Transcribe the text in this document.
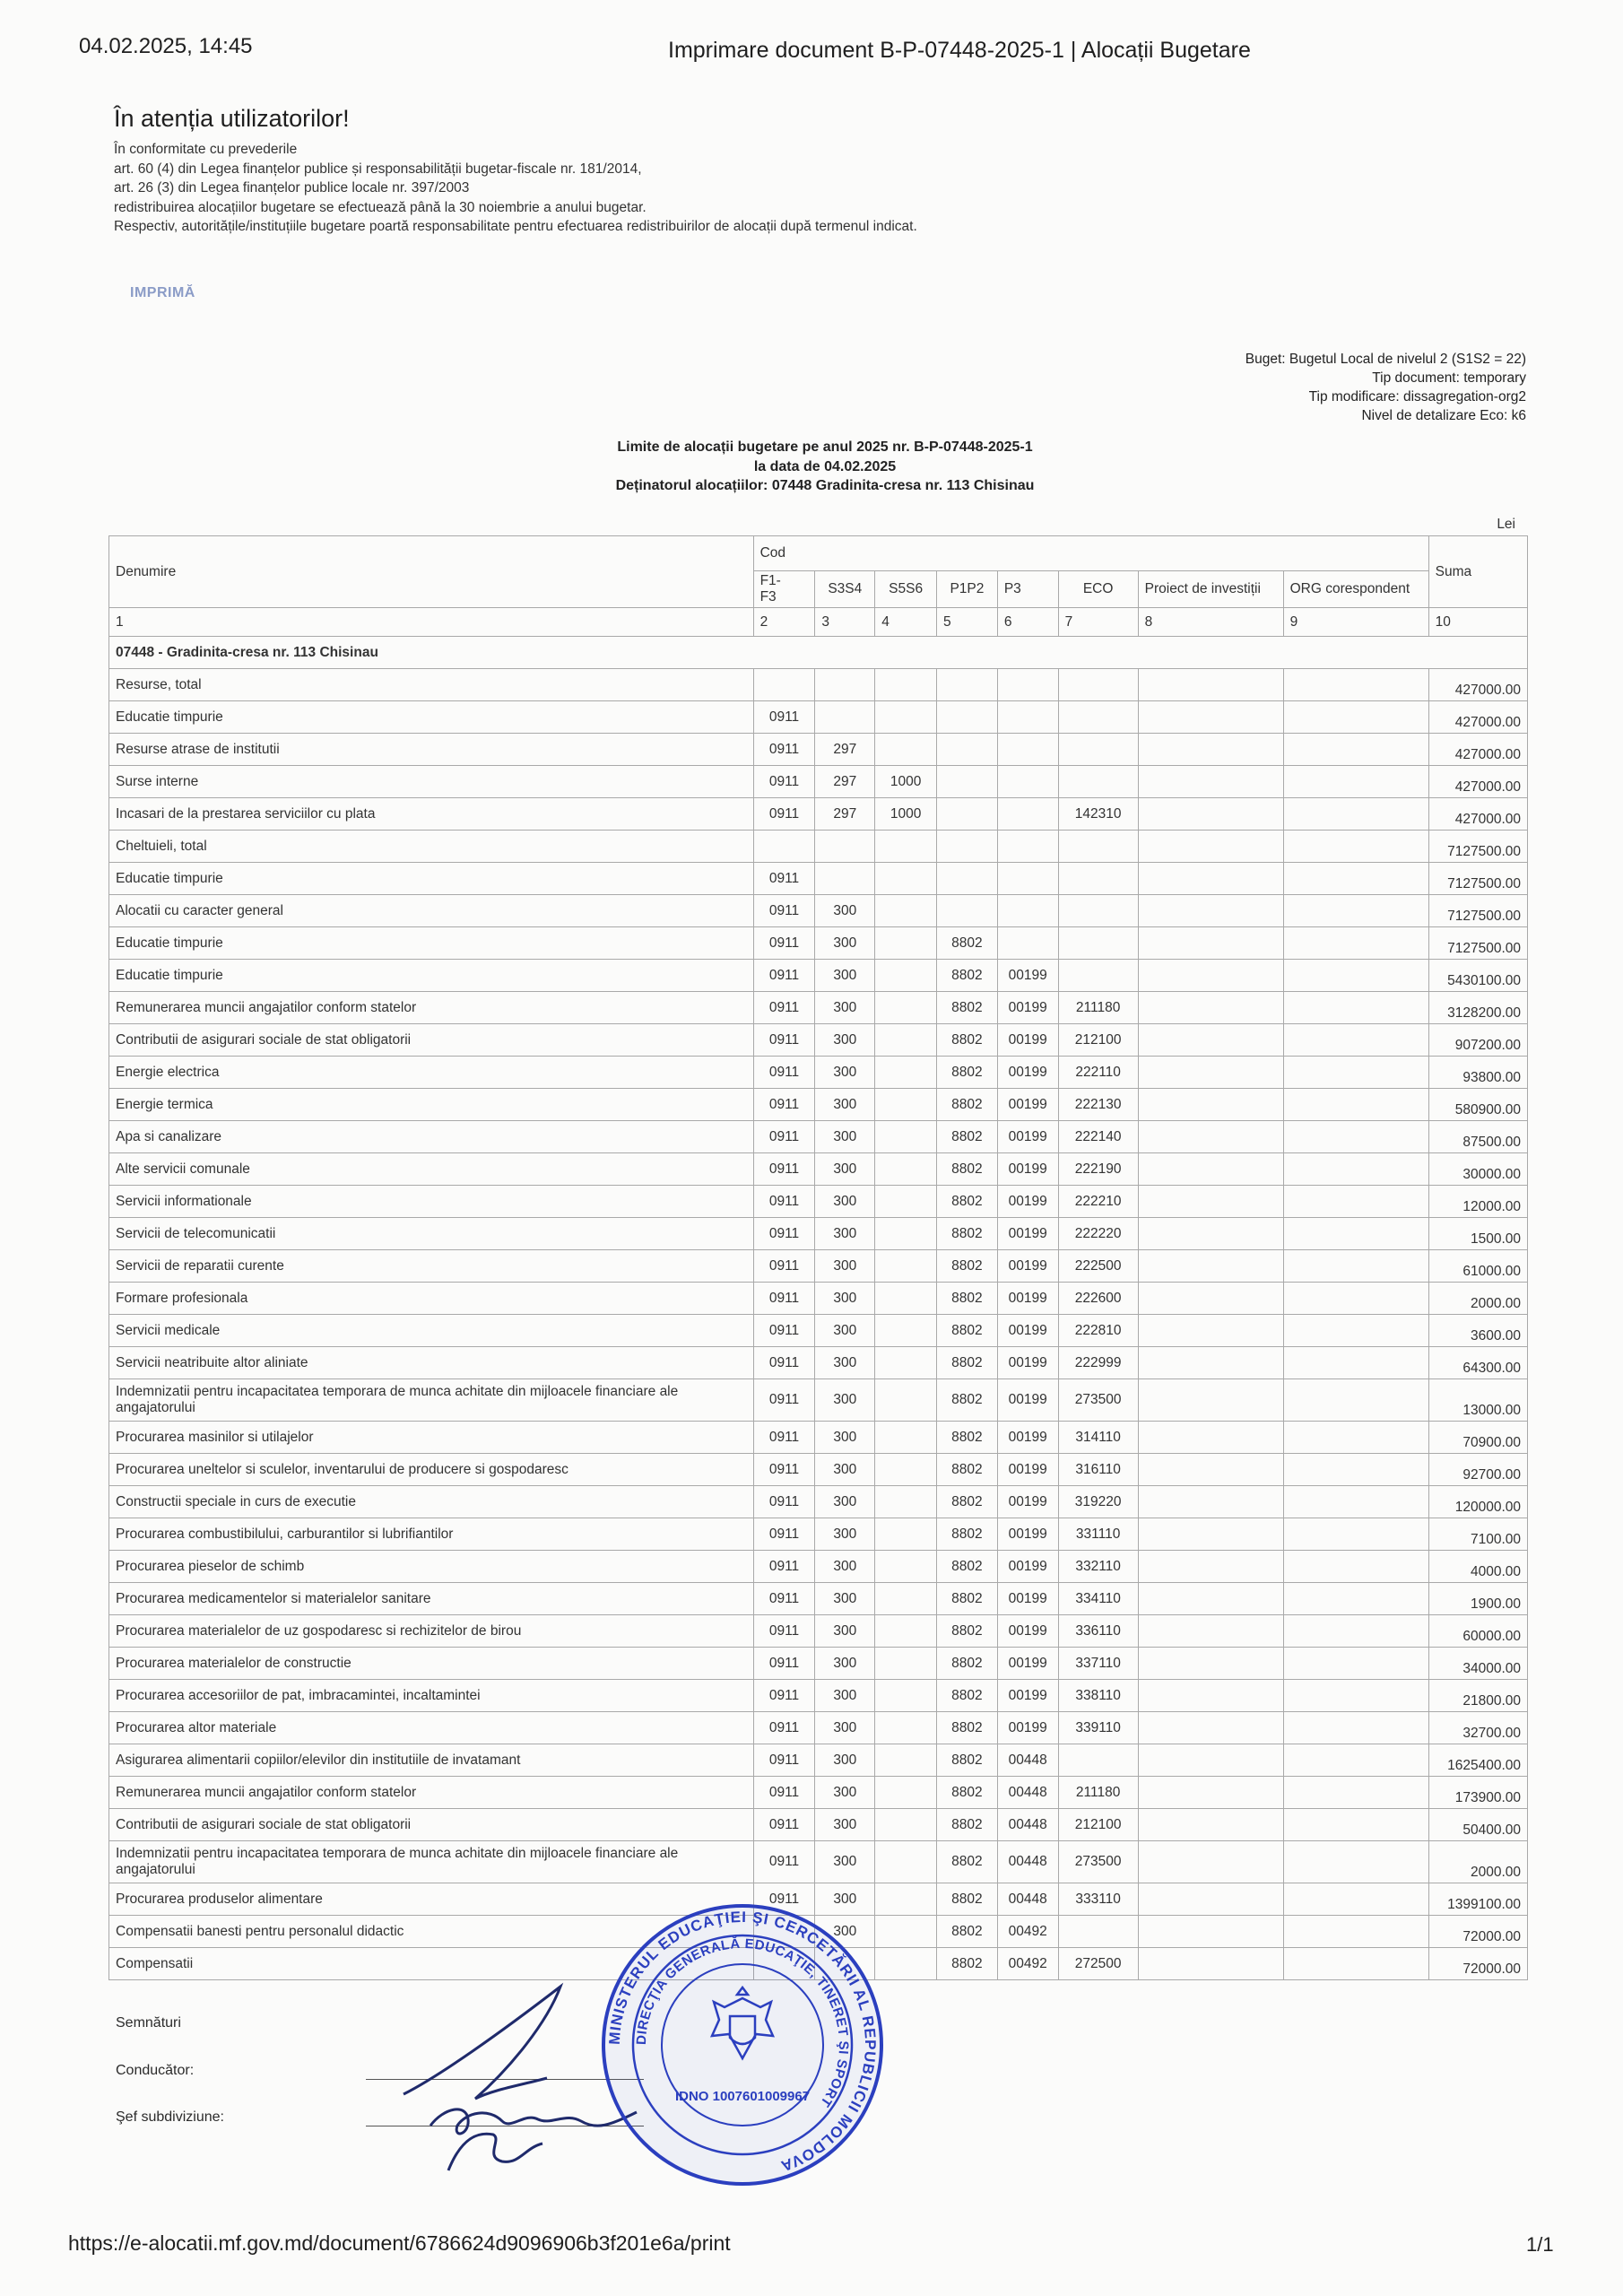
04.02.2025, 14:45	Imprimare document B-P-07448-2025-1 | Alocații Bugetare
În atenția utilizatorilor!
În conformitate cu prevederile
art. 60 (4) din Legea finanțelor publice și responsabilității bugetar-fiscale nr. 181/2014,
art. 26 (3) din Legea finanțelor publice locale nr. 397/2003
redistribuirea alocațiilor bugetare se efectuează până la 30 noiembrie a anului bugetar.
Respectiv, autoritățile/instituțiile bugetare poartă responsabilitate pentru efectuarea redistribuirilor de alocații după termenul indicat.
IMPRIMĂ
Buget: Bugetul Local de nivelul 2 (S1S2 = 22)
Tip document: temporary
Tip modificare: dissagregation-org2
Nivel de detalizare Eco: k6
Limite de alocații bugetare pe anul 2025 nr. B-P-07448-2025-1
la data de 04.02.2025
Deținatorul alocațiilor: 07448 Gradinita-cresa nr. 113 Chisinau
Lei
Denumire	Cod								Suma
	F1-
F3	S3S4	S5S6	P1P2	P3	ECO	Proiect de investiții	ORG corespondent	
1	2	3	4	5	6	7	8	9	10
07448 - Gradinita-cresa nr. 113 Chisinau									
Resurse, total									427000.00
Educatie timpurie	0911								427000.00
Resurse atrase de institutii	0911	297							427000.00
Surse interne	0911	297	1000						427000.00
Incasari de la prestarea serviciilor cu plata	0911	297	1000			142310			427000.00
Cheltuieli, total									7127500.00
Educatie timpurie	0911								7127500.00
Alocatii cu caracter general	0911	300							7127500.00
Educatie timpurie	0911	300		8802					7127500.00
Educatie timpurie	0911	300		8802	00199				5430100.00
Remunerarea muncii angajatilor conform statelor	0911	300		8802	00199	211180			3128200.00
Contributii de asigurari sociale de stat obligatorii	0911	300		8802	00199	212100			907200.00
Energie electrica	0911	300		8802	00199	222110			93800.00
Energie termica	0911	300		8802	00199	222130			580900.00
Apa si canalizare	0911	300		8802	00199	222140			87500.00
Alte servicii comunale	0911	300		8802	00199	222190			30000.00
Servicii informationale	0911	300		8802	00199	222210			12000.00
Servicii de telecomunicatii	0911	300		8802	00199	222220			1500.00
Servicii de reparatii curente	0911	300		8802	00199	222500			61000.00
Formare profesionala	0911	300		8802	00199	222600			2000.00
Servicii medicale	0911	300		8802	00199	222810			3600.00
Servicii neatribuite altor aliniate	0911	300		8802	00199	222999			64300.00
Indemnizatii pentru incapacitatea temporara de munca achitate din mijloacele financiare ale angajatorului	0911	300		8802	00199	273500			13000.00
Procurarea masinilor si utilajelor	0911	300		8802	00199	314110			70900.00
Procurarea uneltelor si sculelor, inventarului de producere si gospodaresc	0911	300		8802	00199	316110			92700.00
Constructii speciale in curs de executie	0911	300		8802	00199	319220			120000.00
Procurarea combustibilului, carburantilor si lubrifiantilor	0911	300		8802	00199	331110			7100.00
Procurarea pieselor de schimb	0911	300		8802	00199	332110			4000.00
Procurarea medicamentelor si materialelor sanitare	0911	300		8802	00199	334110			1900.00
Procurarea materialelor de uz gospodaresc si rechizitelor de birou	0911	300		8802	00199	336110			60000.00
Procurarea materialelor de constructie	0911	300		8802	00199	337110			34000.00
Procurarea accesoriilor de pat, imbracamintei, incaltamintei	0911	300		8802	00199	338110			21800.00
Procurarea altor materiale	0911	300		8802	00199	339110			32700.00
Asigurarea alimentarii copiilor/elevilor din institutiile de invatamant	0911	300		8802	00448				1625400.00
Remunerarea muncii angajatilor conform statelor	0911	300		8802	00448	211180			173900.00
Contributii de asigurari sociale de stat obligatorii	0911	300		8802	00448	212100			50400.00
Indemnizatii pentru incapacitatea temporara de munca achitate din mijloacele financiare ale angajatorului	0911	300		8802	00448	273500			2000.00
Procurarea produselor alimentare	0911	300		8802	00448	333110			1399100.00
Compensatii banesti pentru personalul didactic		300		8802	00492				72000.00
Compensatii				8802	00492	272500			72000.00
Semnături
Conducător:
Şef subdiviziune:
MINISTERUL EDUCAŢIEI ŞI CERCETĂRII AL REPUBLICII MOLDOVA
DIRECŢIA GENERALĂ EDUCAŢIE, TINERET ŞI SPORT
IDNO 1007601009967
https://e-alocatii.mf.gov.md/document/6786624d9096906b3f201e6a/print	1/1
